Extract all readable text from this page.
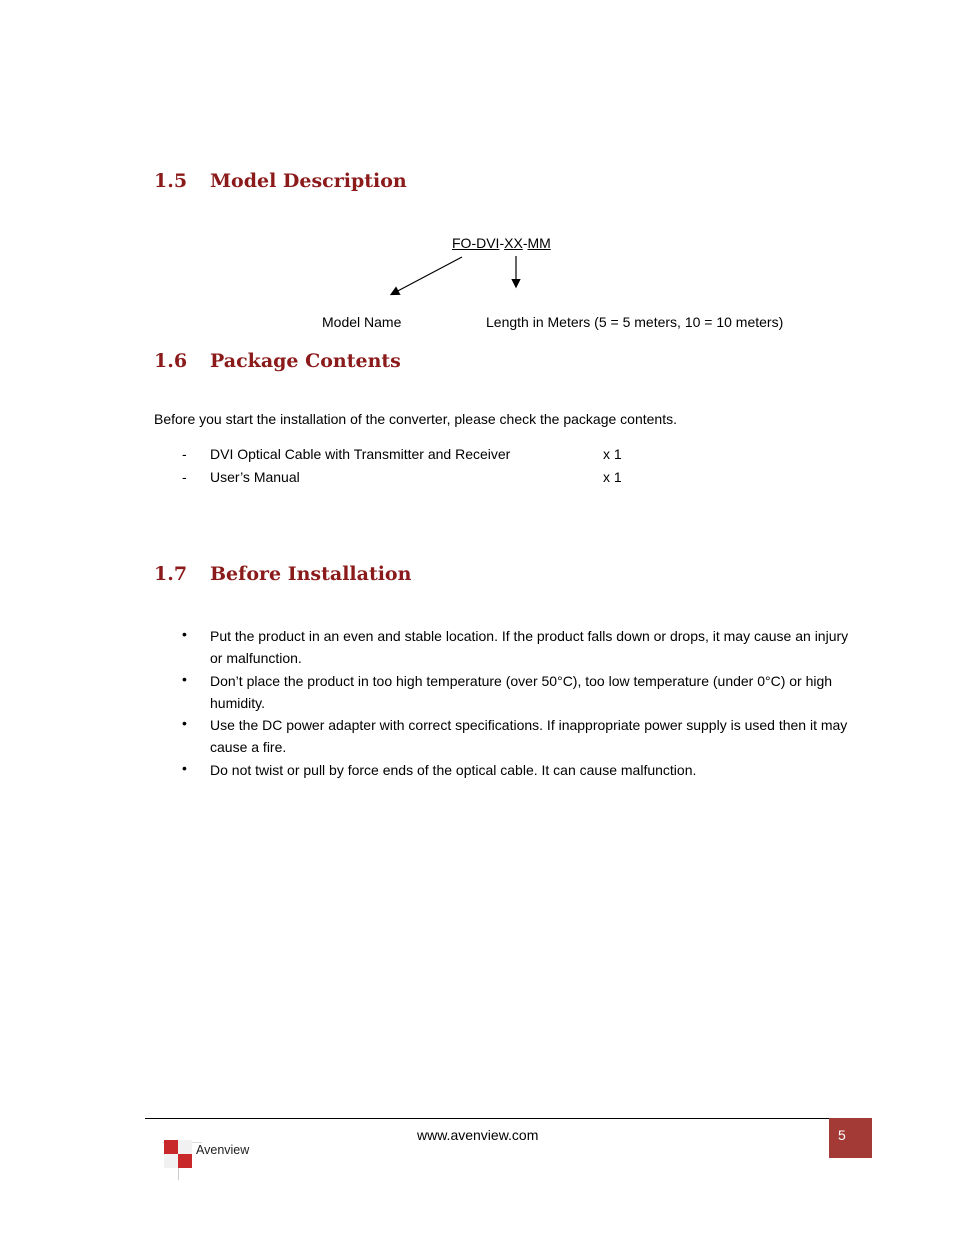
1.5 Model Description
FO-DVI-XX-MM
Model Name	Length in Meters (5 = 5 meters, 10 = 10 meters)
1.6 Package Contents
Before you start the installation of the converter, please check the package contents.
- DVI Optical Cable with Transmitter and Receiver	x 1
- User’s Manual	x 1
1.7 Before Installation
• Put the product in an even and stable location. If the product falls down or drops, it may cause an injury or malfunction.
• Don’t place the product in too high temperature (over 50°C), too low temperature (under 0°C) or high humidity.
• Use the DC power adapter with correct specifications. If inappropriate power supply is used then it may cause a fire.
• Do not twist or pull by force ends of the optical cable. It can cause malfunction.
www.avenview.com	5
Avenview
